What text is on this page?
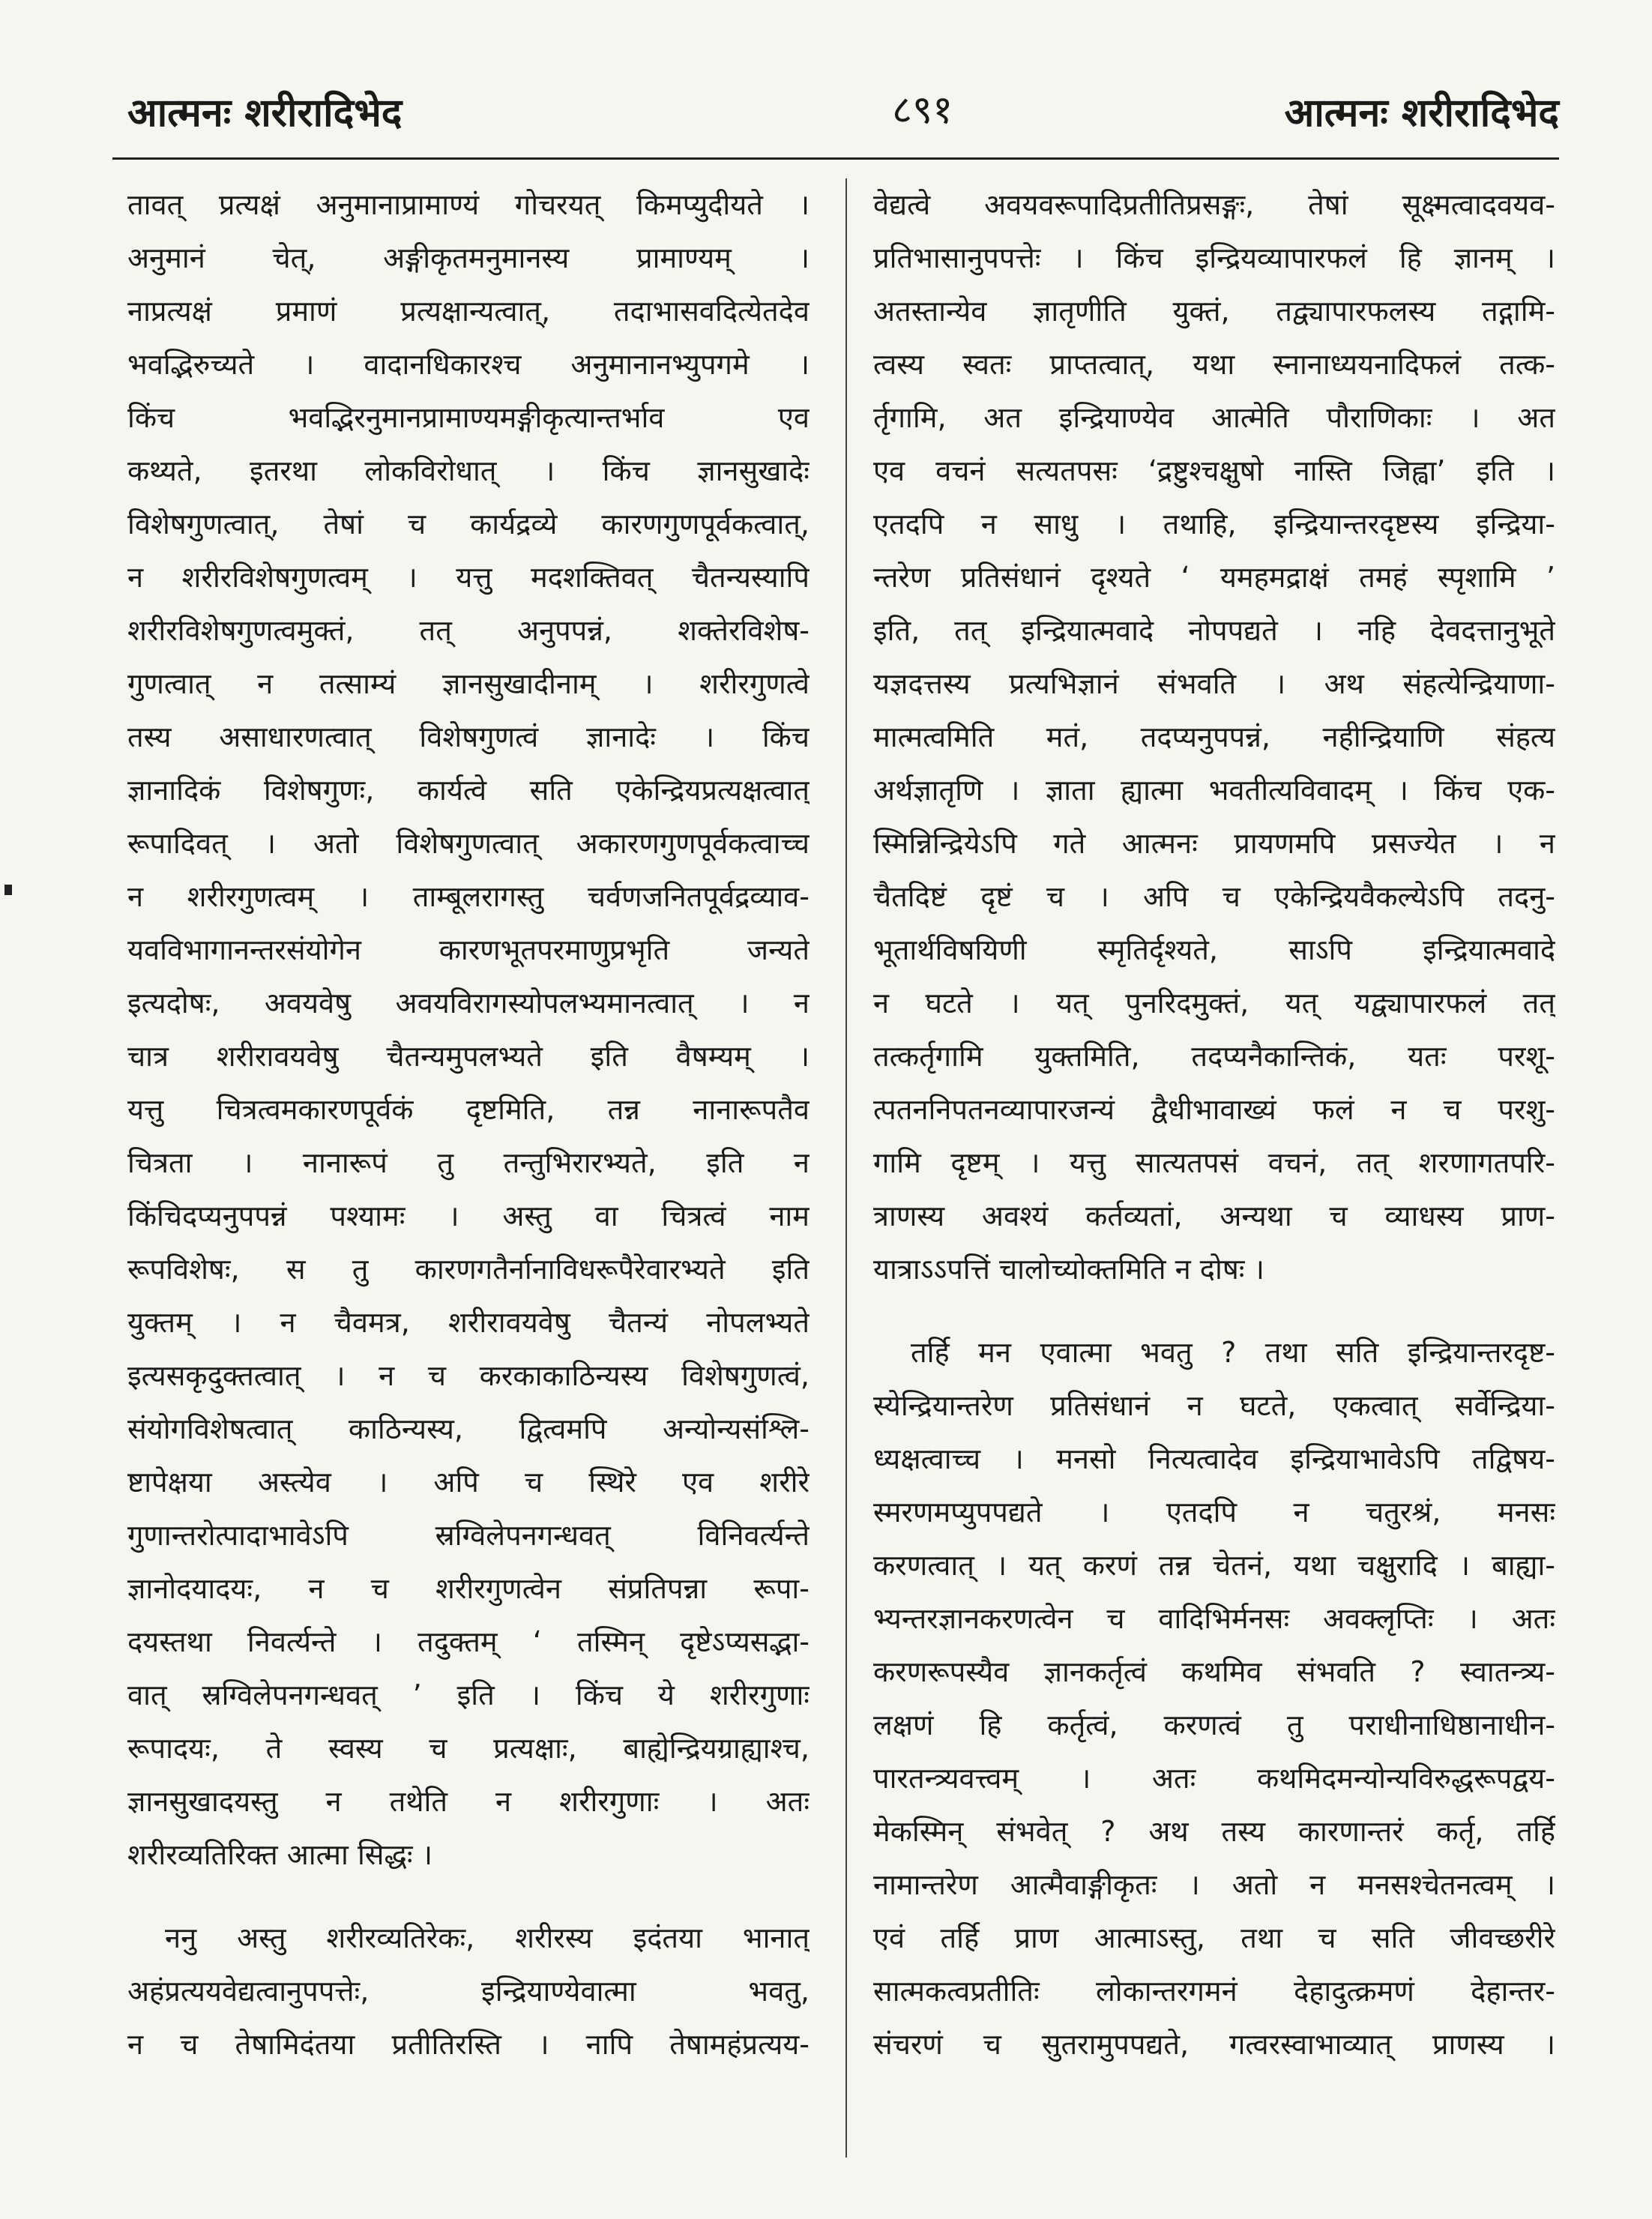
आत्मनः शरीरादिभेद	८९१	आत्मनः शरीरादिभेद
तावत् प्रत्यक्षं अनुमानाप्रामाण्यं गोचरयत् किमप्युदीयते ।
अनुमानं चेत्, अङ्गीकृतमनुमानस्य प्रामाण्यम् ।
नाप्रत्यक्षं प्रमाणं प्रत्यक्षान्यत्वात्, तदाभासवदित्येतदेव
भवद्भिरुच्यते । वादानधिकारश्च अनुमानानभ्युपगमे ।
किंच भवद्भिरनुमानप्रामाण्यमङ्गीकृत्यान्तर्भाव एव
कथ्यते, इतरथा लोकविरोधात् । किंच ज्ञानसुखादेः
विशेषगुणत्वात्, तेषां च कार्यद्रव्ये कारणगुणपूर्वकत्वात्,
न शरीरविशेषगुणत्वम् । यत्तु मदशक्तिवत् चैतन्यस्यापि
शरीरविशेषगुणत्वमुक्तं, तत् अनुपपन्नं, शक्तेरविशेष-
गुणत्वात् न तत्साम्यं ज्ञानसुखादीनाम् । शरीरगुणत्वे
तस्य असाधारणत्वात् विशेषगुणत्वं ज्ञानादेः । किंच
ज्ञानादिकं विशेषगुणः, कार्यत्वे सति एकेन्द्रियप्रत्यक्षत्वात्
रूपादिवत् । अतो विशेषगुणत्वात् अकारणगुणपूर्वकत्वाच्च
न शरीरगुणत्वम् । ताम्बूलरागस्तु चर्वणजनितपूर्वद्रव्याव-
यवविभागानन्तरसंयोगेन कारणभूतपरमाणुप्रभृति जन्यते
इत्यदोषः, अवयवेषु अवयविरागस्योपलभ्यमानत्वात् । न
चात्र शरीरावयवेषु चैतन्यमुपलभ्यते इति वैषम्यम् ।
यत्तु चित्रत्वमकारणपूर्वकं दृष्टमिति, तन्न नानारूपतैव
चित्रता । नानारूपं तु तन्तुभिरारभ्यते, इति न
किंचिदप्यनुपपन्नं पश्यामः । अस्तु वा चित्रत्वं नाम
रूपविशेषः, स तु कारणगतैर्नानाविधरूपैरेवारभ्यते इति
युक्तम् । न चैवमत्र, शरीरावयवेषु चैतन्यं नोपलभ्यते
इत्यसकृदुक्तत्वात् । न च करकाकाठिन्यस्य विशेषगुणत्वं,
संयोगविशेषत्वात् काठिन्यस्य, द्वित्वमपि अन्योन्यसंश्लि-
ष्टापेक्षया अस्त्येव । अपि च स्थिरे एव शरीरे
गुणान्तरोत्पादाभावेऽपि स्रग्विलेपनगन्धवत् विनिवर्त्यन्ते
ज्ञानोदयादयः, न च शरीरगुणत्वेन संप्रतिपन्ना रूपा-
दयस्तथा निवर्त्यन्ते । तदुक्तम् ‘ तस्मिन् दृष्टेऽप्यसद्भा-
वात् स्रग्विलेपनगन्धवत् ’ इति । किंच ये शरीरगुणाः
रूपादयः, ते स्वस्य च प्रत्यक्षाः, बाह्येन्द्रियग्राह्याश्च,
ज्ञानसुखादयस्तु न तथेति न शरीरगुणाः । अतः
शरीरव्यतिरिक्त आत्मा सिद्धः ।
ननु अस्तु शरीरव्यतिरेकः, शरीरस्य इदंतया भानात्
अहंप्रत्ययवेद्यत्वानुपपत्तेः, इन्द्रियाण्येवात्मा भवतु,
न च तेषामिदंतया प्रतीतिरस्ति । नापि तेषामहंप्रत्यय-
वेद्यत्वे अवयवरूपादिप्रतीतिप्रसङ्गः, तेषां सूक्ष्मत्वादवयव-
प्रतिभासानुपपत्तेः । किंच इन्द्रियव्यापारफलं हि ज्ञानम् ।
अतस्तान्येव ज्ञातृणीति युक्तं, तद्व्यापारफलस्य तद्गामि-
त्वस्य स्वतः प्राप्तत्वात्, यथा स्नानाध्ययनादिफलं तत्क-
र्तृगामि, अत इन्द्रियाण्येव आत्मेति पौराणिकाः । अत
एव वचनं सत्यतपसः ‘द्रष्टुश्चक्षुषो नास्ति जिह्वा’ इति ।
एतदपि न साधु । तथाहि, इन्द्रियान्तरदृष्टस्य इन्द्रिया-
न्तरेण प्रतिसंधानं दृश्यते ‘ यमहमद्राक्षं तमहं स्पृशामि ’
इति, तत् इन्द्रियात्मवादे नोपपद्यते । नहि देवदत्तानुभूते
यज्ञदत्तस्य प्रत्यभिज्ञानं संभवति । अथ संहत्येन्द्रियाणा-
मात्मत्वमिति मतं, तदप्यनुपपन्नं, नहीन्द्रियाणि संहत्य
अर्थज्ञातृणि । ज्ञाता ह्यात्मा भवतीत्यविवादम् । किंच एक-
स्मिन्निन्द्रियेऽपि गते आत्मनः प्रायणमपि प्रसज्येत । न
चैतदिष्टं दृष्टं च । अपि च एकेन्द्रियवैकल्येऽपि तदनु-
भूतार्थविषयिणी स्मृतिर्दृश्यते, साऽपि इन्द्रियात्मवादे
न घटते । यत् पुनरिदमुक्तं, यत् यद्व्यापारफलं तत्
तत्कर्तृगामि युक्तमिति, तदप्यनैकान्तिकं, यतः परशू-
त्पतननिपतनव्यापारजन्यं द्वैधीभावाख्यं फलं न च परशु-
गामि दृष्टम् । यत्तु सात्यतपसं वचनं, तत् शरणागतपरि-
त्राणस्य अवश्यं कर्तव्यतां, अन्यथा च व्याधस्य प्राण-
यात्राऽऽपत्तिं चालोच्योक्तमिति न दोषः ।
तर्हि मन एवात्मा भवतु ? तथा सति इन्द्रियान्तरदृष्ट-
स्येन्द्रियान्तरेण प्रतिसंधानं न घटते, एकत्वात् सर्वेन्द्रिया-
ध्यक्षत्वाच्च । मनसो नित्यत्वादेव इन्द्रियाभावेऽपि तद्विषय-
स्मरणमप्युपपद्यते । एतदपि न चतुरश्रं, मनसः
करणत्वात् । यत् करणं तन्न चेतनं, यथा चक्षुरादि । बाह्या-
भ्यन्तरज्ञानकरणत्वेन च वादिभिर्मनसः अवक्लृप्तिः । अतः
करणरूपस्यैव ज्ञानकर्तृत्वं कथमिव संभवति ? स्वातन्त्र्य-
लक्षणं हि कर्तृत्वं, करणत्वं तु पराधीनाधिष्ठानाधीन-
पारतन्त्र्यवत्त्वम् । अतः कथमिदमन्योन्यविरुद्धरूपद्वय-
मेकस्मिन् संभवेत् ? अथ तस्य कारणान्तरं कर्तृ, तर्हि
नामान्तरेण आत्मैवाङ्गीकृतः । अतो न मनसश्चेतनत्वम् ।
एवं तर्हि प्राण आत्माऽस्तु, तथा च सति जीवच्छरीरे
सात्मकत्वप्रतीतिः लोकान्तरगमनं देहादुत्क्रमणं देहान्तर-
संचरणं च सुतरामुपपद्यते, गत्वरस्वाभाव्यात् प्राणस्य ।
